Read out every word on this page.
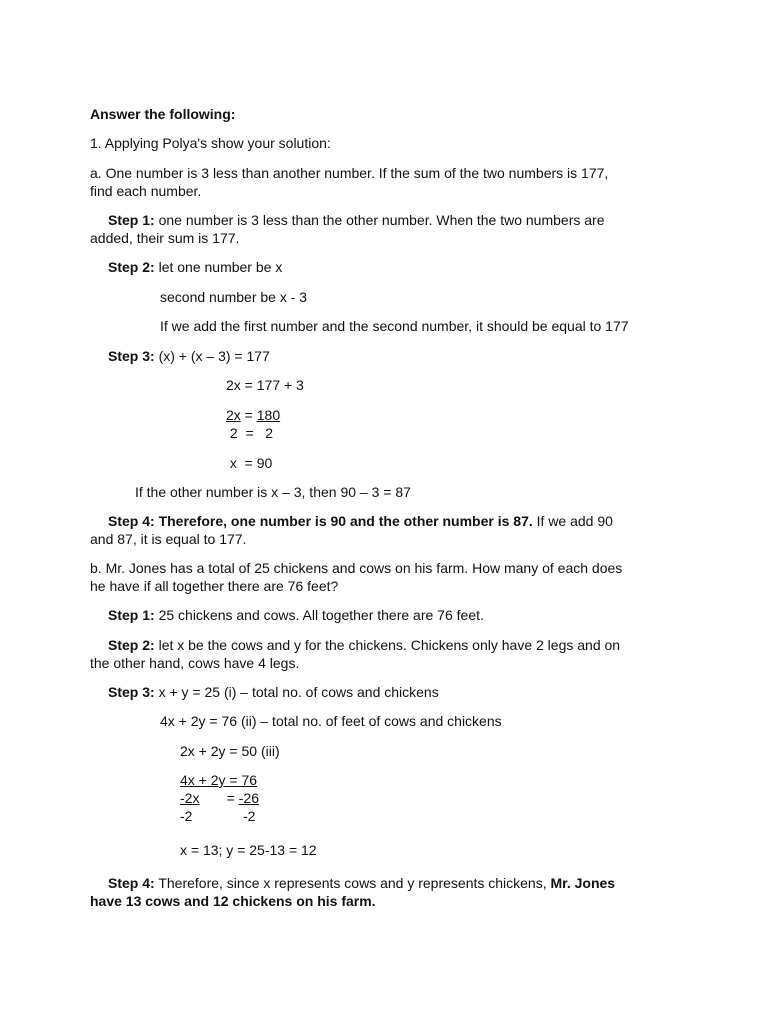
Answer the following:
1. Applying Polya's show your solution:
a. One number is 3 less than another number. If the sum of the two numbers is 177,
find each number.
Step 1: one number is 3 less than the other number. When the two numbers are
added, their sum is 177.
Step 2: let one number be x
second number be x - 3
If we add the first number and the second number, it should be equal to 177
Step 3: (x) + (x – 3) = 177
2x = 177 + 3
2x = 180
2  =   2
x  = 90
If the other number is x – 3, then 90 – 3 = 87
Step 4: Therefore, one number is 90 and the other number is 87. If we add 90
and 87, it is equal to 177.
b. Mr. Jones has a total of 25 chickens and cows on his farm. How many of each does
he have if all together there are 76 feet?
Step 1: 25 chickens and cows. All together there are 76 feet.
Step 2: let x be the cows and y for the chickens. Chickens only have 2 legs and on
the other hand, cows have 4 legs.
Step 3: x + y = 25 (i) – total no. of cows and chickens
4x + 2y = 76 (ii) – total no. of feet of cows and chickens
2x + 2y = 50 (iii)
4x + 2y = 76
-2x       = -26
-2             -2
x = 13; y = 25-13 = 12
Step 4: Therefore, since x represents cows and y represents chickens, Mr. Jones
have 13 cows and 12 chickens on his farm.
